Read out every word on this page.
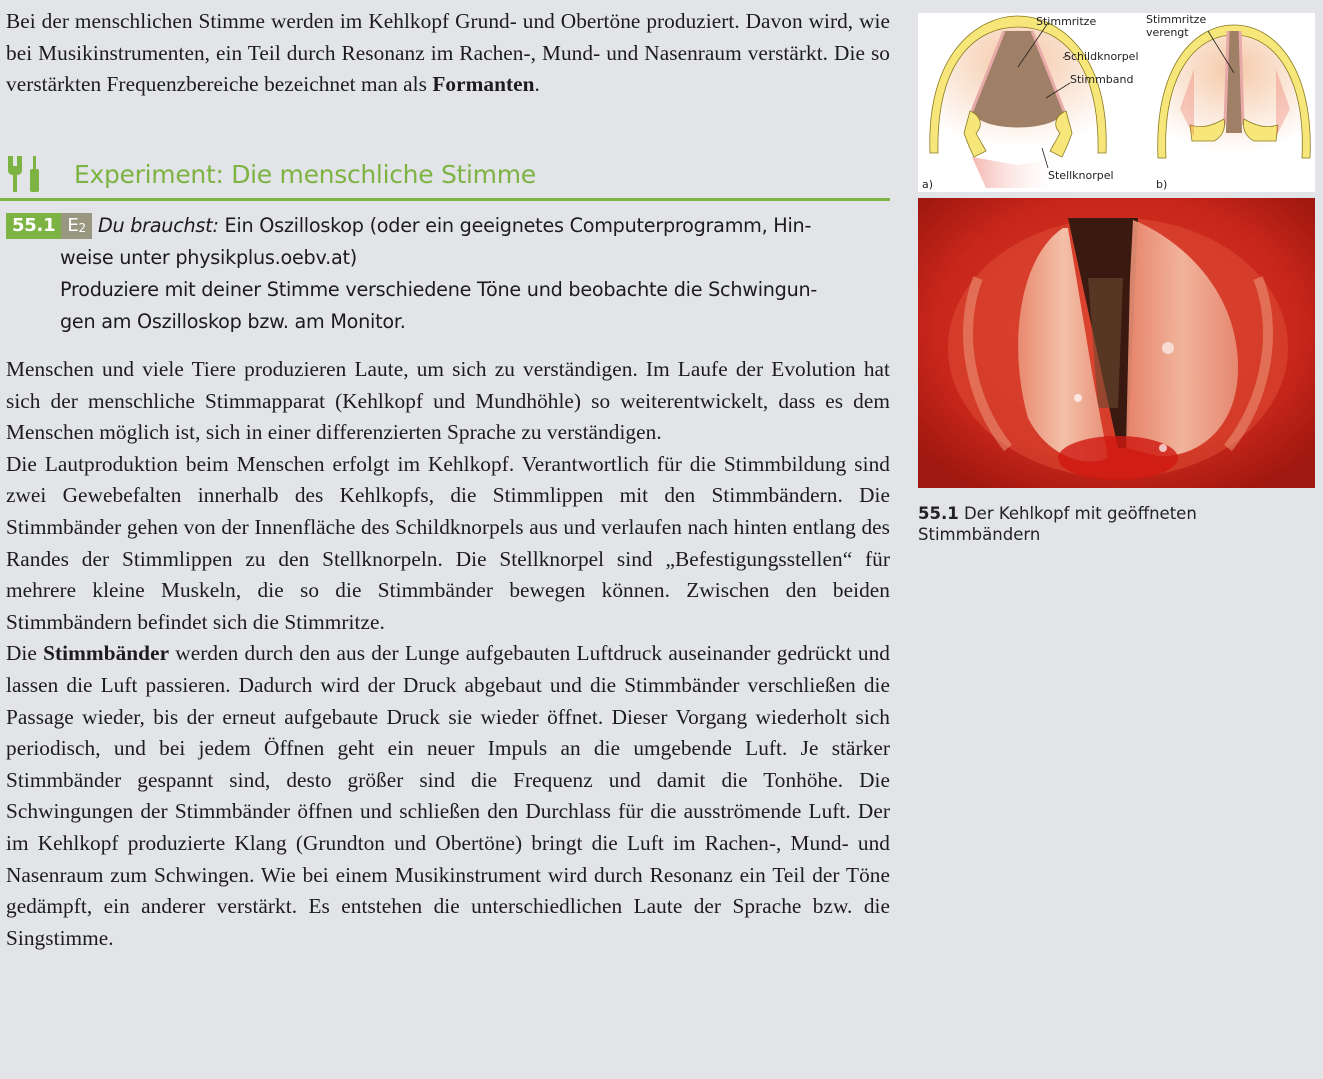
Bei der menschlichen Stimme werden im Kehlkopf Grund- und Obertöne produziert. Davon wird, wie bei Musikinstrumenten, ein Teil durch Resonanz im Rachen-, Mund- und Nasenraum verstärkt. Die so verstärkten Frequenzbereiche bezeichnet man als Formanten.

Experiment: Die menschliche Stimme

55.1 $E_2$ Du brauchst: Ein Oszilloskop (oder ein geeignetes Computerprogramm, Hin-

weise unter physikplus.oebv.at)

Produziere mit deiner Stimme verschiedene Töne und beobachte die Schwingun-

gen am Oszilloskop bzw. am Monitor.

Menschen und viele Tiere produzieren Laute, um sich zu verständigen. Im Laufe der Evolution hat sich der menschliche Stimmapparat (Kehlkopf und Mundhöhle) so weiterentwickelt, dass es dem Menschen möglich ist, sich in einer differenzierten Sprache zu verständigen.

Die Lautproduktion beim Menschen erfolgt im Kehlkopf. Verantwortlich für die Stimmbildung sind zwei Gewebefalten innerhalb des Kehlkopfs, die Stimmlippen mit den Stimmbändern. Die Stimmbänder gehen von der Innenfläche des Schildknorpels aus und verlaufen nach hinten entlang des Randes der Stimmlippen zu den Stellknorpeln. Die Stellknorpel sind „Befestigungsstellen“ für mehrere kleine Muskeln, die so die Stimmbänder bewegen können. Zwischen den beiden Stimmbändern befindet sich die Stimmritze.

Die Stimmbänder werden durch den aus der Lunge aufgebauten Luftdruck auseinander gedrückt und lassen die Luft passieren. Dadurch wird der Druck abgebaut und die Stimmbänder verschließen die Passage wieder, bis der erneut aufgebaute Druck sie wieder öffnet. Dieser Vorgang wiederholt sich periodisch, und bei jedem Öffnen geht ein neuer Impuls an die umgebende Luft. Je stärker Stimmbänder gespannt sind, desto größer sind die Frequenz und damit die Tonhöhe. Die Schwingungen der Stimmbänder öffnen und schließen den Durchlass für die ausströmende Luft. Der im Kehlkopf produzierte Klang (Grundton und Obertöne) bringt die Luft im Rachen-, Mund- und Nasenraum zum Schwingen. Wie bei einem Musikinstrument wird durch Resonanz ein Teil der Töne gedämpft, ein anderer verstärkt. Es entstehen die unterschiedlichen Laute der Sprache bzw. die Singstimme.

Stimmritze
Schildknorpel
Stimmband
Stellknorpel
a)
Stimmritze
verengt
b)
55.1 Der Kehlkopf mit geöffneten Stimmbändern
